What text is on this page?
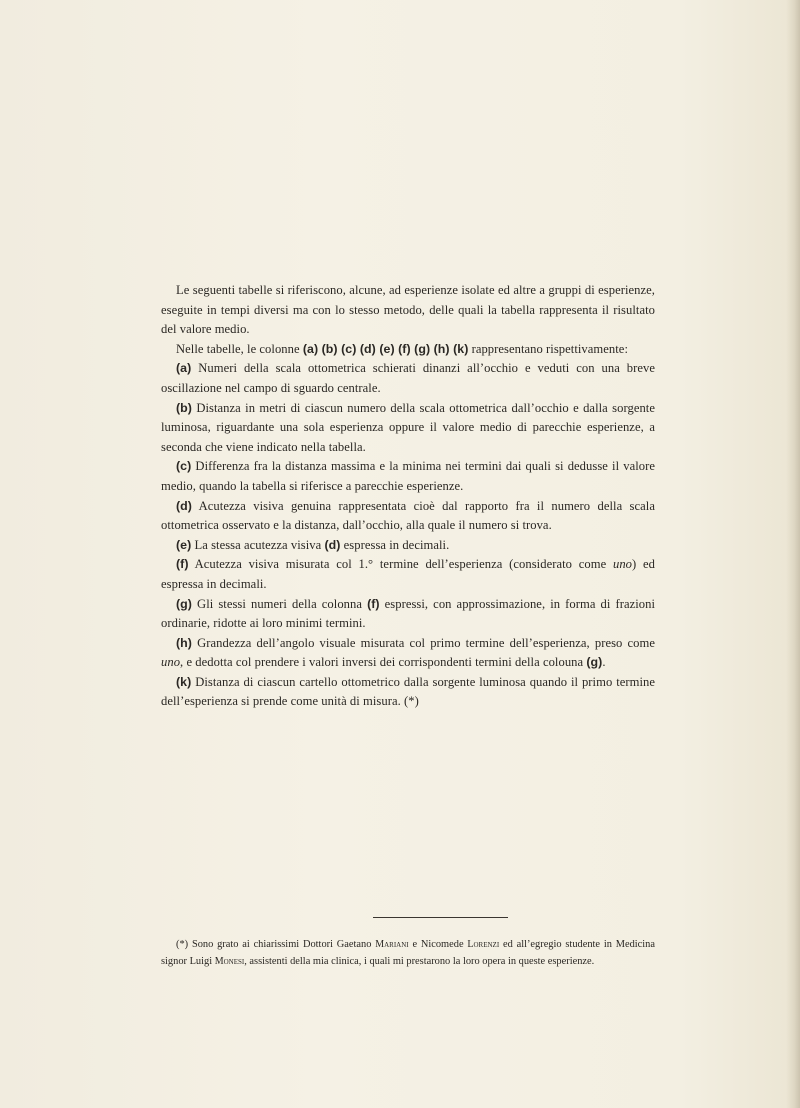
Le seguenti tabelle si riferiscono, alcune, ad esperienze isolate ed altre a gruppi di esperienze, eseguite in tempi diversi ma con lo stesso metodo, delle quali la tabella rappresenta il risultato del valore medio.

Nelle tabelle, le colonne (a) (b) (c) (d) (e) (f) (g) (h) (k) rappresentano rispettivamente:

(a) Numeri della scala ottometrica schierati dinanzi all’occhio e veduti con una breve oscillazione nel campo di sguardo centrale.

(b) Distanza in metri di ciascun numero della scala ottometrica dall’occhio e dalla sorgente luminosa, riguardante una sola esperienza oppure il valore medio di parecchie esperienze, a seconda che viene indicato nella tabella.

(c) Differenza fra la distanza massima e la minima nei termini dai quali si dedusse il valore medio, quando la tabella si riferisce a parecchie esperienze.

(d) Acutezza visiva genuina rappresentata cioè dal rapporto fra il numero della scala ottometrica osservato e la distanza, dall’occhio, alla quale il numero si trova.

(e) La stessa acutezza visiva (d) espressa in decimali.

(f) Acutezza visiva misurata col 1.° termine dell’esperienza (considerato come uno) ed espressa in decimali.

(g) Gli stessi numeri della colonna (f) espressi, con approssimazione, in forma di frazioni ordinarie, ridotte ai loro minimi termini.

(h) Grandezza dell’angolo visuale misurata col primo termine dell’esperienza, preso come uno, e dedotta col prendere i valori inversi dei corrispondenti termini della colouna (g).

(k) Distanza di ciascun cartello ottometrico dalla sorgente luminosa quando il primo termine dell’esperienza si prende come unità di misura. (*)

(*) Sono grato ai chiarissimi Dottori Gaetano Mariani e Nicomede Lorenzi ed all’egregio studente in Medicina signor Luigi Monesi, assistenti della mia clinica, i quali mi prestarono la loro opera in queste esperienze.
